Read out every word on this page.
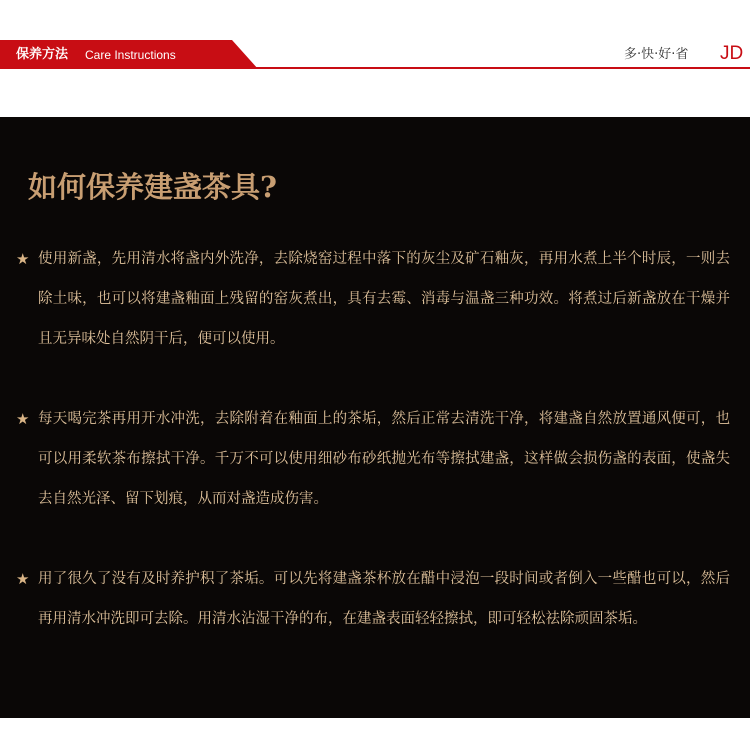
保养方法 Care Instructions	多·快·好·省 JD
如何保养建盏茶具?
★ 使用新盏，先用清水将盏内外洗净，去除烧窑过程中落下的灰尘及矿石釉灰，再用水煮上半个时辰，一则去除土味，也可以将建盏釉面上残留的窑灰煮出，具有去霉、消毒与温盏三种功效。将煮过后新盏放在干燥并且无异味处自然阴干后，便可以使用。

★ 每天喝完茶再用开水冲洗，去除附着在釉面上的茶垢，然后正常去清洗干净，将建盏自然放置通风便可，也可以用柔软茶布擦拭干净。千万不可以使用细砂布砂纸抛光布等擦拭建盏，这样做会损伤盏的表面，使盏失去自然光泽、留下划痕，从而对盏造成伤害。

★ 用了很久了没有及时养护积了茶垢。可以先将建盏茶杯放在醋中浸泡一段时间或者倒入一些醋也可以，然后再用清水冲洗即可去除。用清水沾湿干净的布，在建盏表面轻轻擦拭，即可轻松祛除顽固茶垢。
